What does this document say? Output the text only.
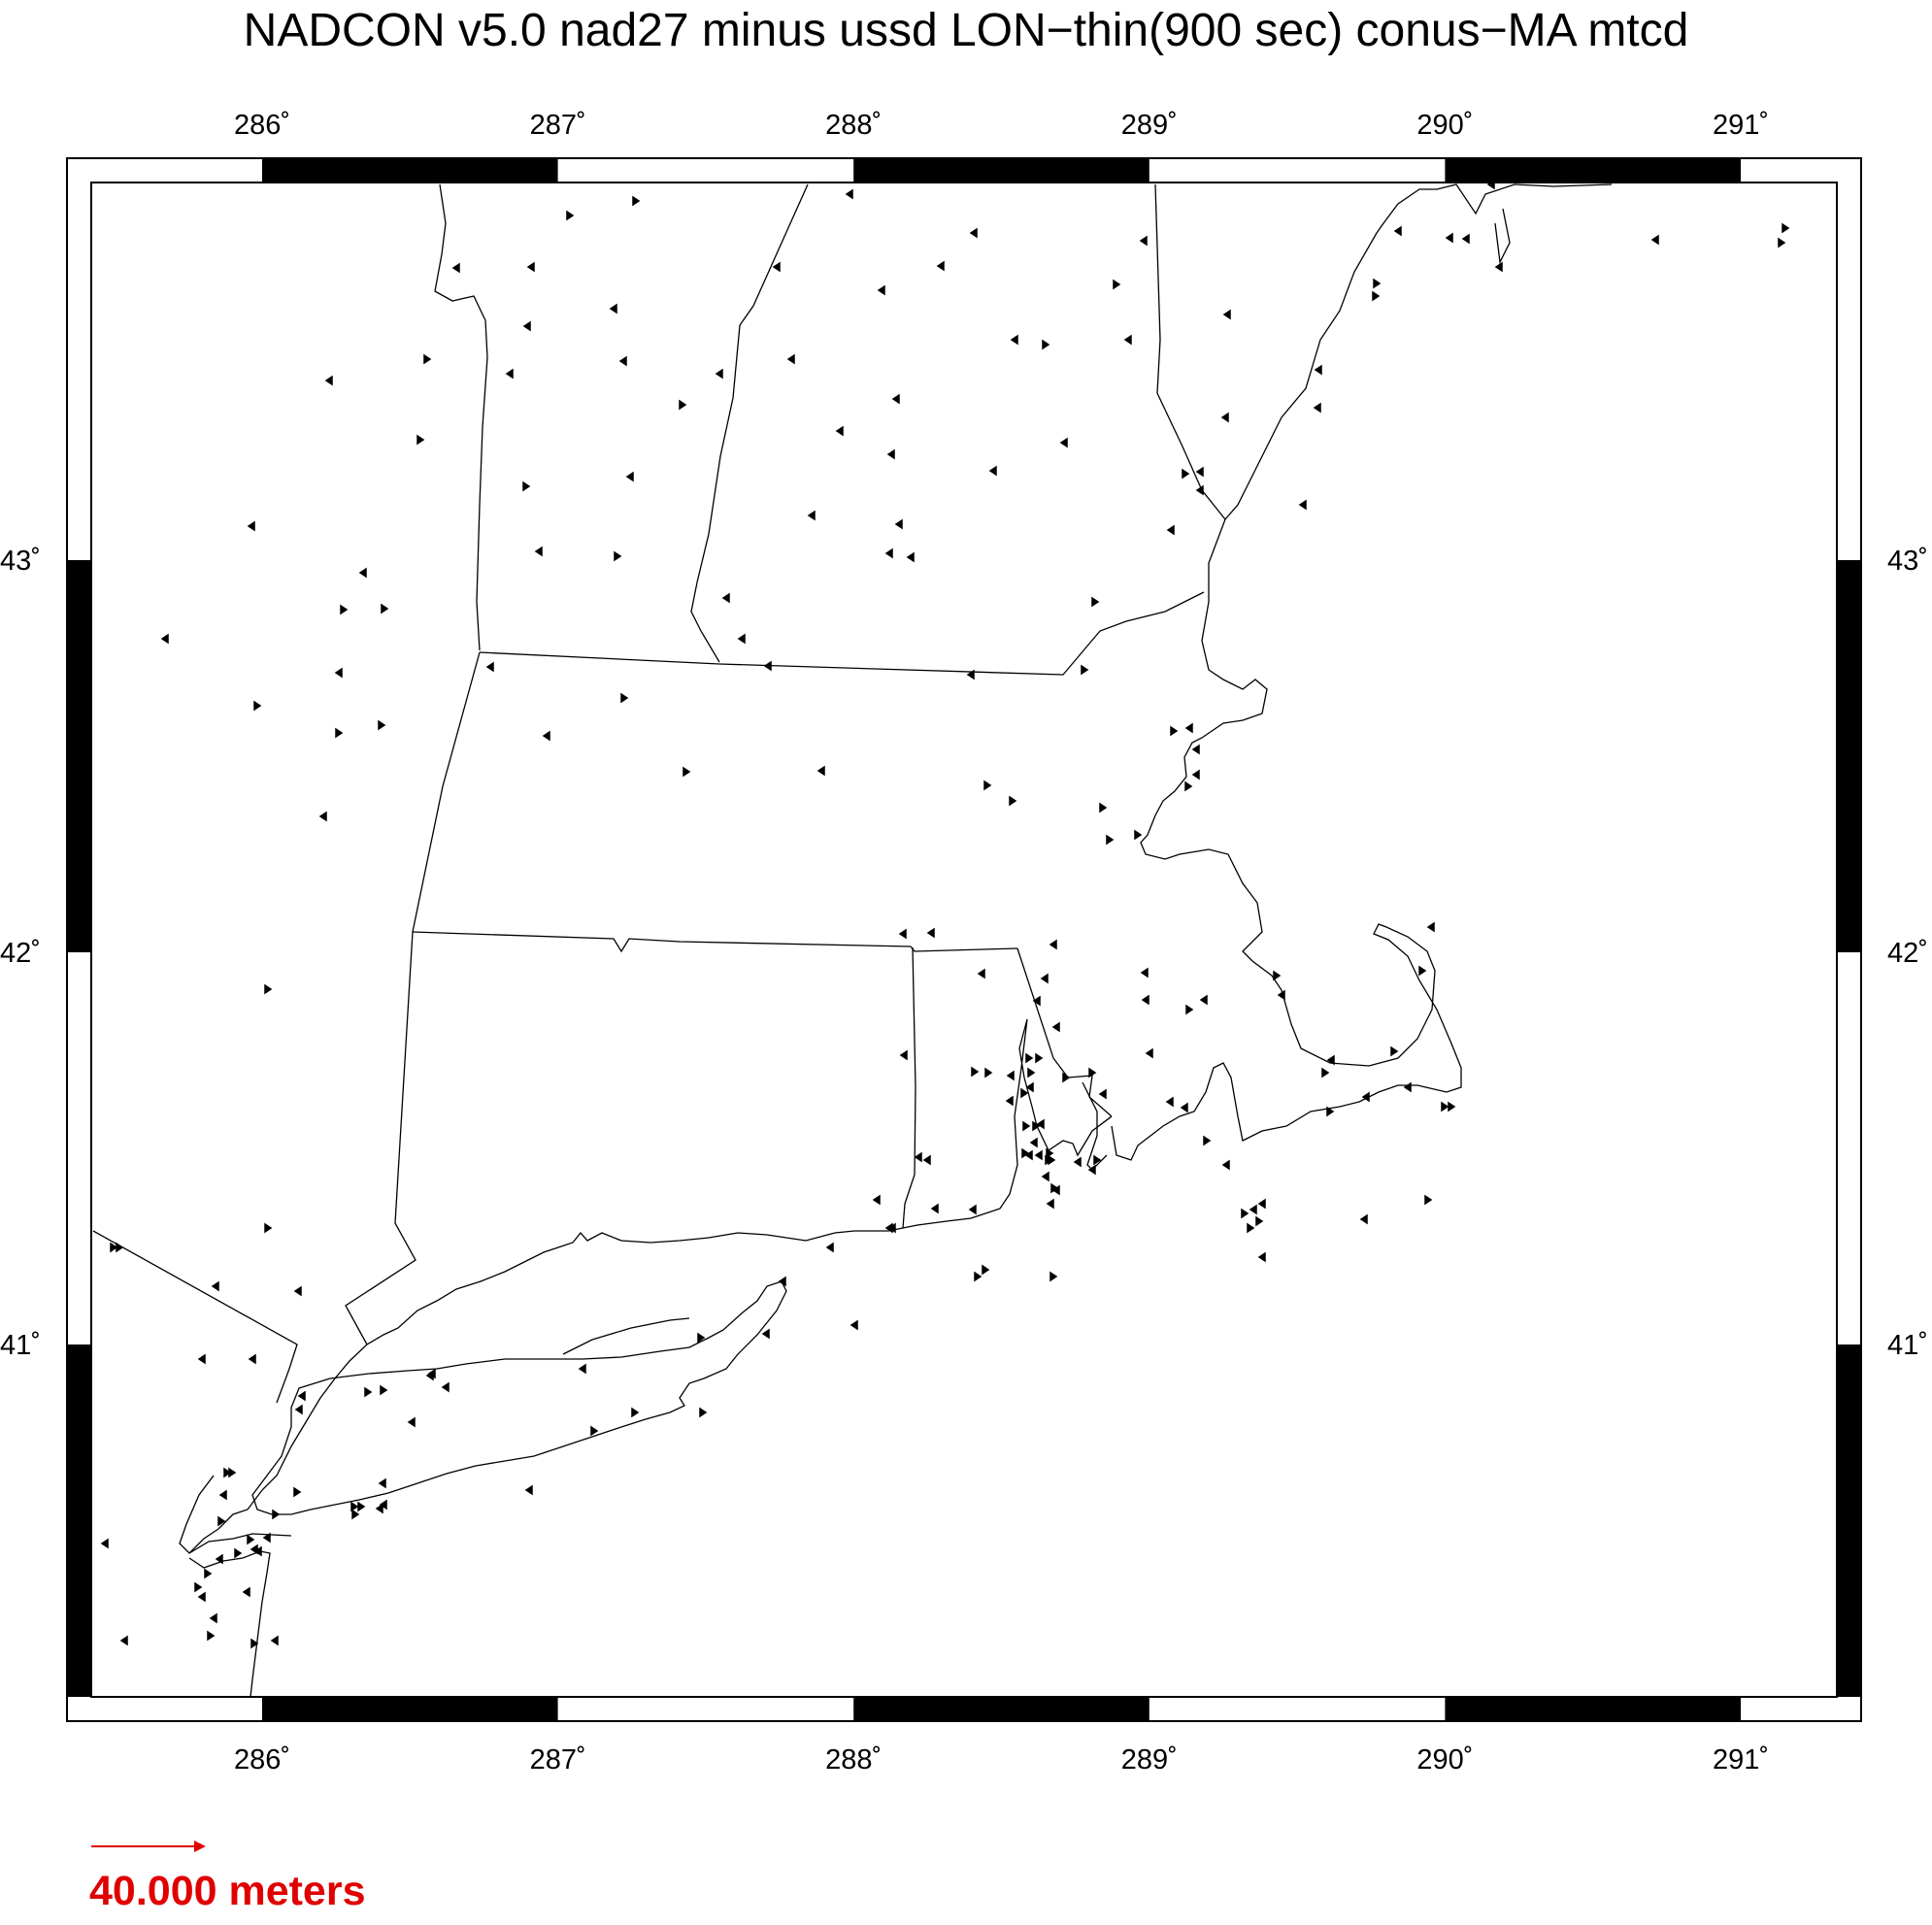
NADCON v5.0 nad27 minus ussd LON−thin(900 sec) conus−MA mtcd
286˚	287˚	288˚	289˚	290˚	291˚
286˚	287˚	288˚	289˚	290˚	291˚
41˚
42˚
43˚
41˚
42˚
43˚
40.000 meters
